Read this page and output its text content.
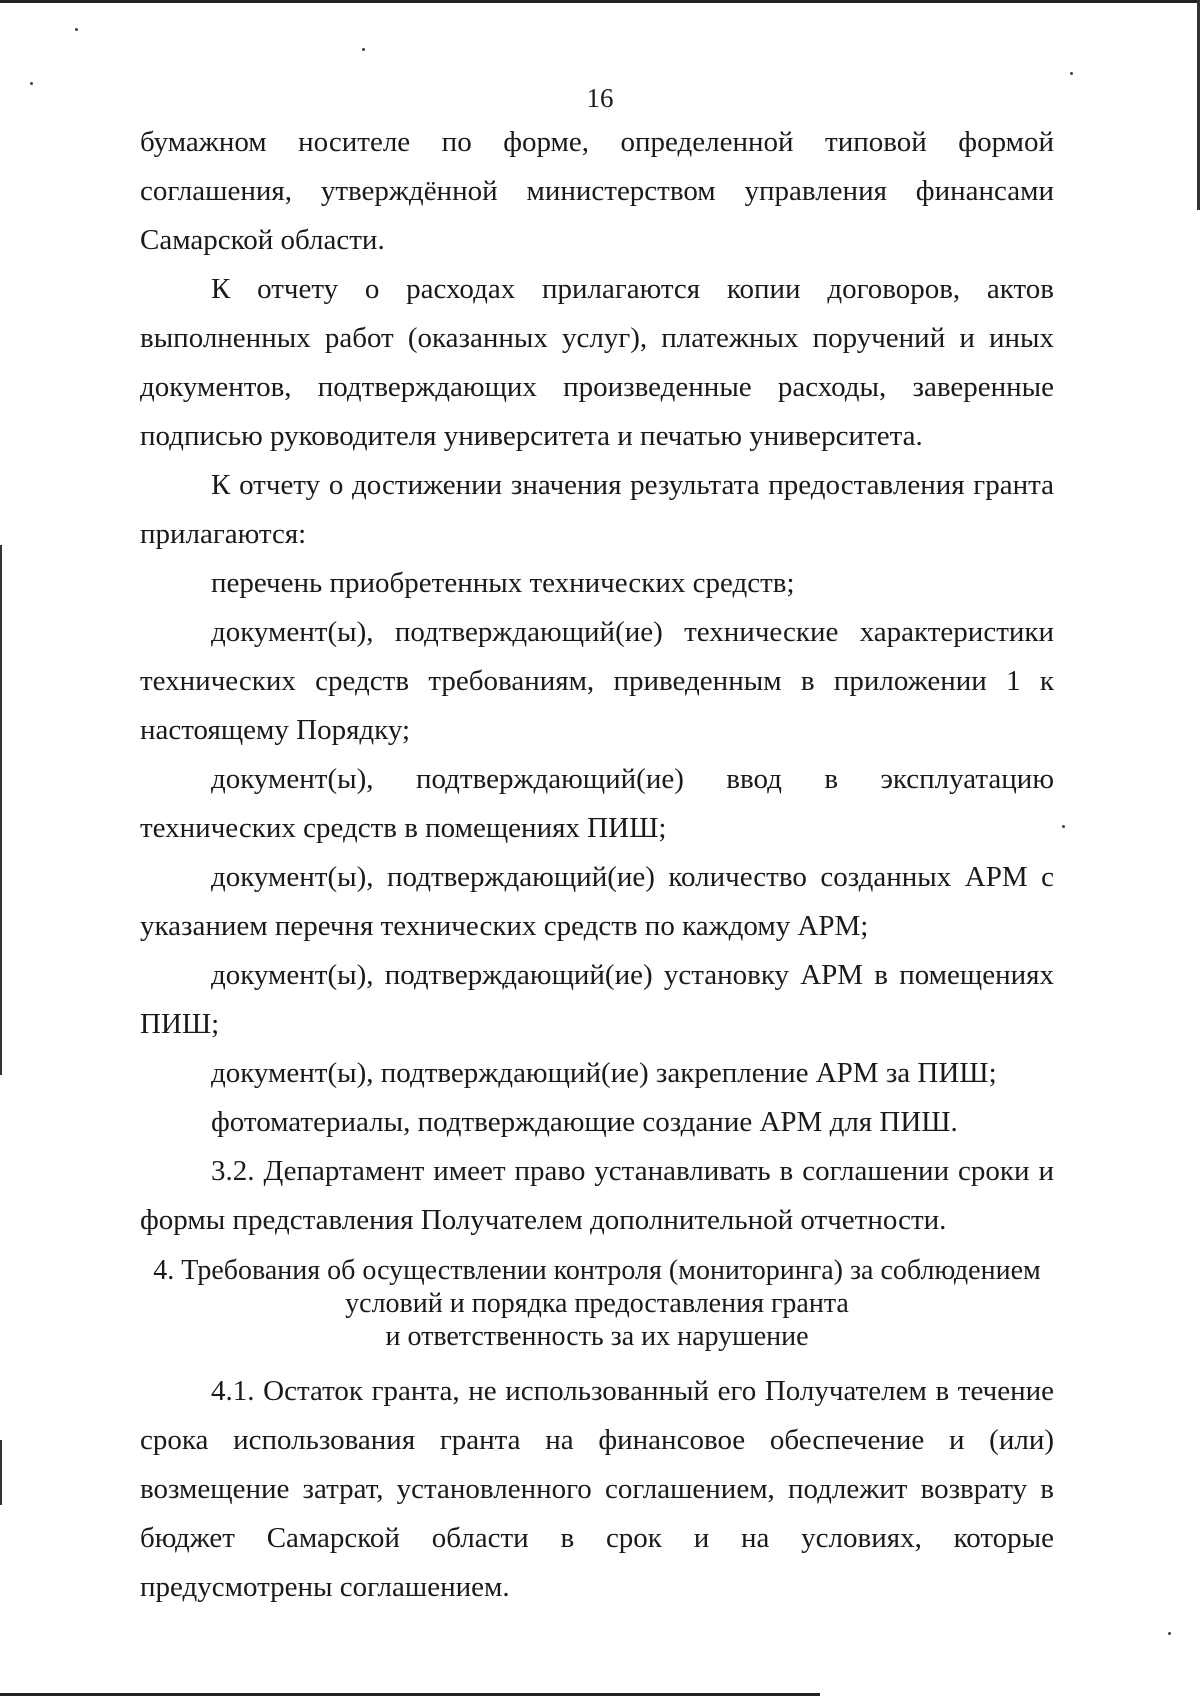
16

бумажном носителе по форме, определенной типовой формой соглашения, утверждённой министерством управления финансами Самарской области.

К отчету о расходах прилагаются копии договоров, актов выполненных работ (оказанных услуг), платежных поручений и иных документов, подтверждающих произведенные расходы, заверенные подписью руководителя университета и печатью университета.

К отчету о достижении значения результата предоставления гранта прилагаются:

перечень приобретенных технических средств;

документ(ы), подтверждающий(ие) технические характеристики технических средств требованиям, приведенным в приложении 1 к настоящему Порядку;

документ(ы), подтверждающий(ие) ввод в эксплуатацию технических средств в помещениях ПИШ;

документ(ы), подтверждающий(ие) количество созданных АРМ с указанием перечня технических средств по каждому АРМ;

документ(ы), подтверждающий(ие) установку АРМ в помещениях ПИШ;

документ(ы), подтверждающий(ие) закрепление АРМ за ПИШ;

фотоматериалы, подтверждающие создание АРМ для ПИШ.

3.2. Департамент имеет право устанавливать в соглашении сроки и формы представления Получателем дополнительной отчетности.

4. Требования об осуществлении контроля (мониторинга) за соблюдением
условий и порядка предоставления гранта
и ответственность за их нарушение

4.1. Остаток гранта, не использованный его Получателем в течение срока использования гранта на финансовое обеспечение и (или) возмещение затрат, установленного соглашением, подлежит возврату в бюджет Самарской области в срок и на условиях, которые предусмотрены соглашением.
